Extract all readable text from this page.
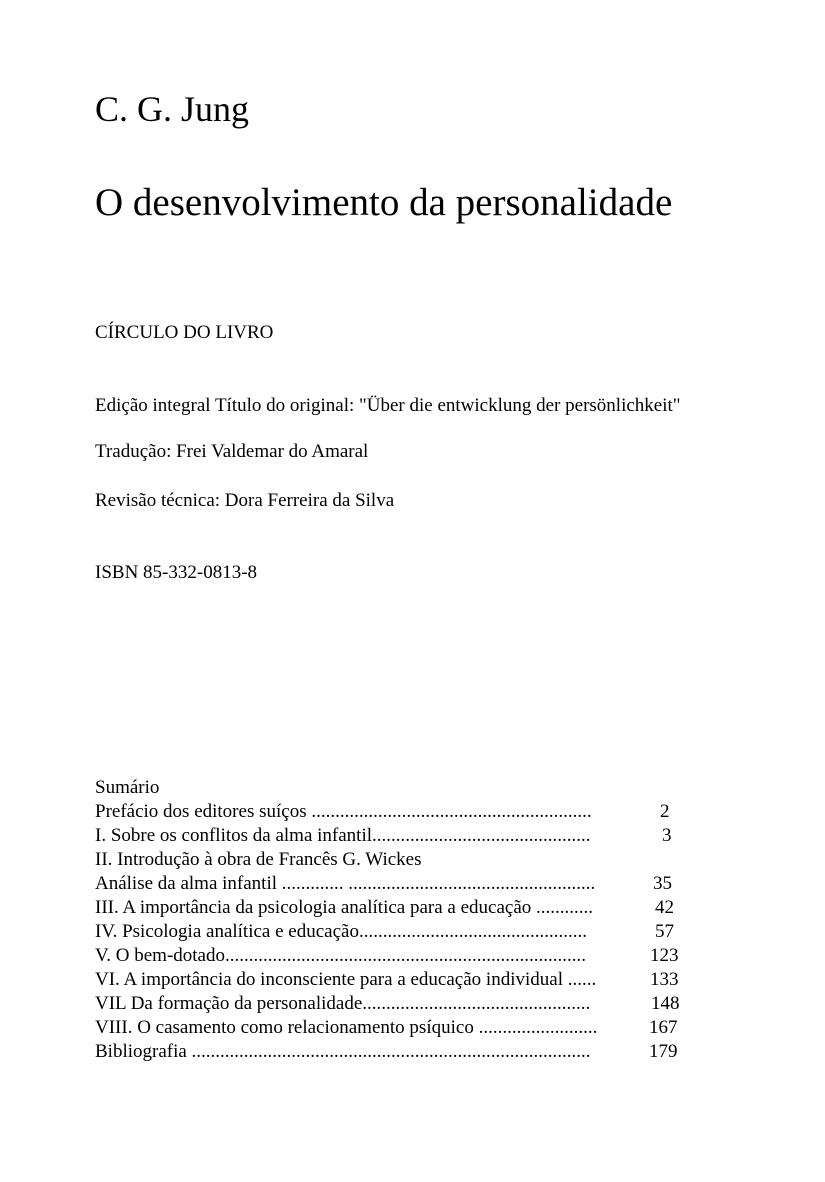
C. G. Jung
O desenvolvimento da personalidade

CÍRCULO DO LIVRO

Edição integral Título do original: "Über die entwicklung der persönlichkeit"

Tradução: Frei Valdemar do Amaral

Revisão técnica: Dora Ferreira da Silva

ISBN 85-332-0813-8

Sumário
Prefácio dos editores suíços ...........................................................	2
I. Sobre os conflitos da alma infantil..............................................	3
II. Introdução à obra de Francês G. Wickes
Análise da alma infantil ............. ....................................................	35
III. A importância da psicologia analítica para a educação ............	42
IV. Psicologia analítica e educação................................................	57
V. O bem-dotado............................................................................	123
VI. A importância do inconsciente para a educação individual ......	133
VIL Da formação da personalidade................................................	148
VIII. O casamento como relacionamento psíquico .........................	167
Bibliografia ....................................................................................	179
